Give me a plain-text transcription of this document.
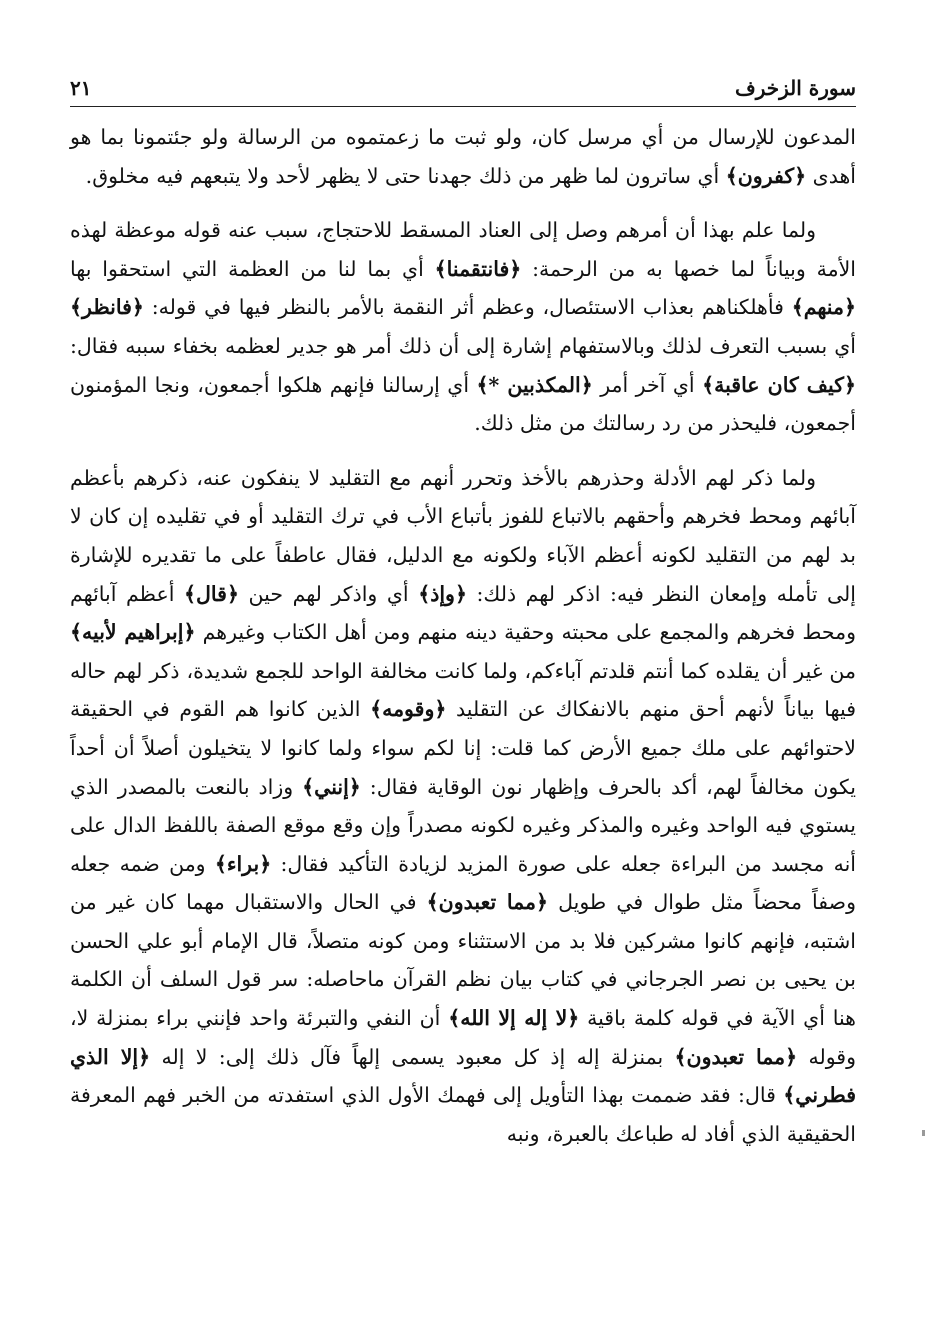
سورة الزخرف
٢١

المدعون للإرسال من أي مرسل كان، ولو ثبت ما زعمتموه من الرسالة ولو جئتمونا بما هو أهدى ﴿كفرون﴾ أي ساترون لما ظهر من ذلك جهدنا حتى لا يظهر لأحد ولا يتبعهم فيه مخلوق.

ولما علم بهذا أن أمرهم وصل إلى العناد المسقط للاحتجاج، سبب عنه قوله موعظة لهذه الأمة وبياناً لما خصها به من الرحمة: ﴿فانتقمنا﴾ أي بما لنا من العظمة التي استحقوا بها ﴿منهم﴾ فأهلكناهم بعذاب الاستئصال، وعظم أثر النقمة بالأمر بالنظر فيها في قوله: ﴿فانظر﴾ أي بسبب التعرف لذلك وبالاستفهام إشارة إلى أن ذلك أمر هو جدير لعظمه بخفاء سببه فقال: ﴿كيف كان عاقبة﴾ أي آخر أمر ﴿المكذبين *﴾ أي إرسالنا فإنهم هلكوا أجمعون، ونجا المؤمنون أجمعون، فليحذر من رد رسالتك من مثل ذلك.

ولما ذكر لهم الأدلة وحذرهم بالأخذ وتحرر أنهم مع التقليد لا ينفكون عنه، ذكرهم بأعظم آبائهم ومحط فخرهم وأحقهم بالاتباع للفوز بأتباع الأب في ترك التقليد أو في تقليده إن كان لا بد لهم من التقليد لكونه أعظم الآباء ولكونه مع الدليل، فقال عاطفاً على ما تقديره للإشارة إلى تأمله وإمعان النظر فيه: اذكر لهم ذلك: ﴿وإذ﴾ أي واذكر لهم حين ﴿قال﴾ أعظم آبائهم ومحط فخرهم والمجمع على محبته وحقية دينه منهم ومن أهل الكتاب وغيرهم ﴿إبراهيم لأبيه﴾ من غير أن يقلده كما أنتم قلدتم آباءكم، ولما كانت مخالفة الواحد للجمع شديدة، ذكر لهم حاله فيها بياناً لأنهم أحق منهم بالانفكاك عن التقليد ﴿وقومه﴾ الذين كانوا هم القوم في الحقيقة لاحتوائهم على ملك جميع الأرض كما قلت: إنا لكم سواء ولما كانوا لا يتخيلون أصلاً أن أحداً يكون مخالفاً لهم، أكد بالحرف وإظهار نون الوقاية فقال: ﴿إنني﴾ وزاد بالنعت بالمصدر الذي يستوي فيه الواحد وغيره والمذكر وغيره لكونه مصدراً وإن وقع موقع الصفة باللفظ الدال على أنه مجسد من البراءة جعله على صورة المزيد لزيادة التأكيد فقال: ﴿براء﴾ ومن ضمه جعله وصفاً محضاً مثل طوال في طويل ﴿مما تعبدون﴾ في الحال والاستقبال مهما كان غير من اشتبه، فإنهم كانوا مشركين فلا بد من الاستثناء ومن كونه متصلاً، قال الإمام أبو علي الحسن بن يحيى بن نصر الجرجاني في كتاب بيان نظم القرآن ماحاصله: سر قول السلف أن الكلمة هنا أي الآية في قوله كلمة باقية ﴿لا إله إلا الله﴾ أن النفي والتبرئة واحد فإنني براء بمنزلة لا، وقوله ﴿مما تعبدون﴾ بمنزلة إله إذ كل معبود يسمى إلهاً فآل ذلك إلى: لا إله ﴿إلا الذي فطرني﴾ قال: فقد ضممت بهذا التأويل إلى فهمك الأول الذي استفدته من الخبر فهم المعرفة الحقيقية الذي أفاد له طباعك بالعبرة، ونبه
